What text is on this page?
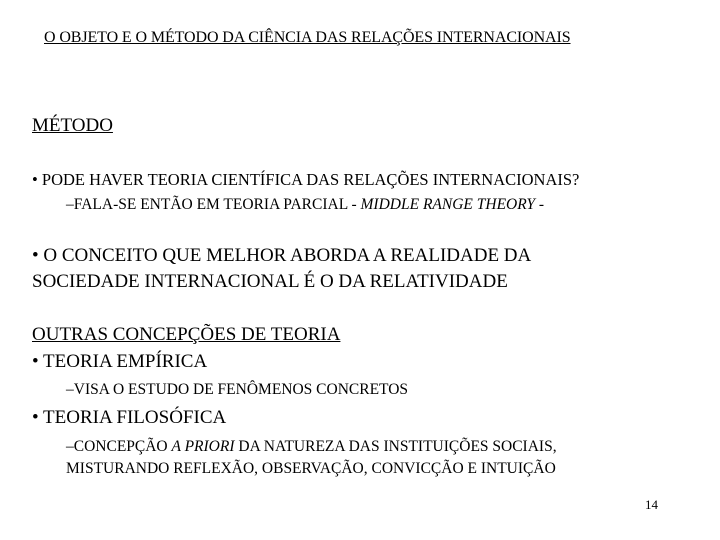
O OBJETO E O MÉTODO DA CIÊNCIA DAS RELAÇÕES INTERNACIONAIS
MÉTODO
• PODE HAVER TEORIA CIENTÍFICA DAS RELAÇÕES INTERNACIONAIS?
–FALA-SE ENTÃO EM TEORIA PARCIAL - MIDDLE RANGE THEORY -
• O CONCEITO QUE MELHOR ABORDA A REALIDADE DA
SOCIEDADE INTERNACIONAL É O DA RELATIVIDADE
OUTRAS CONCEPÇÕES DE TEORIA
• TEORIA EMPÍRICA
–VISA O ESTUDO DE FENÔMENOS CONCRETOS
• TEORIA FILOSÓFICA
–CONCEPÇÃO A PRIORI DA NATUREZA DAS INSTITUIÇÕES SOCIAIS,
MISTURANDO REFLEXÃO, OBSERVAÇÃO, CONVICÇÃO E INTUIÇÃO
14
